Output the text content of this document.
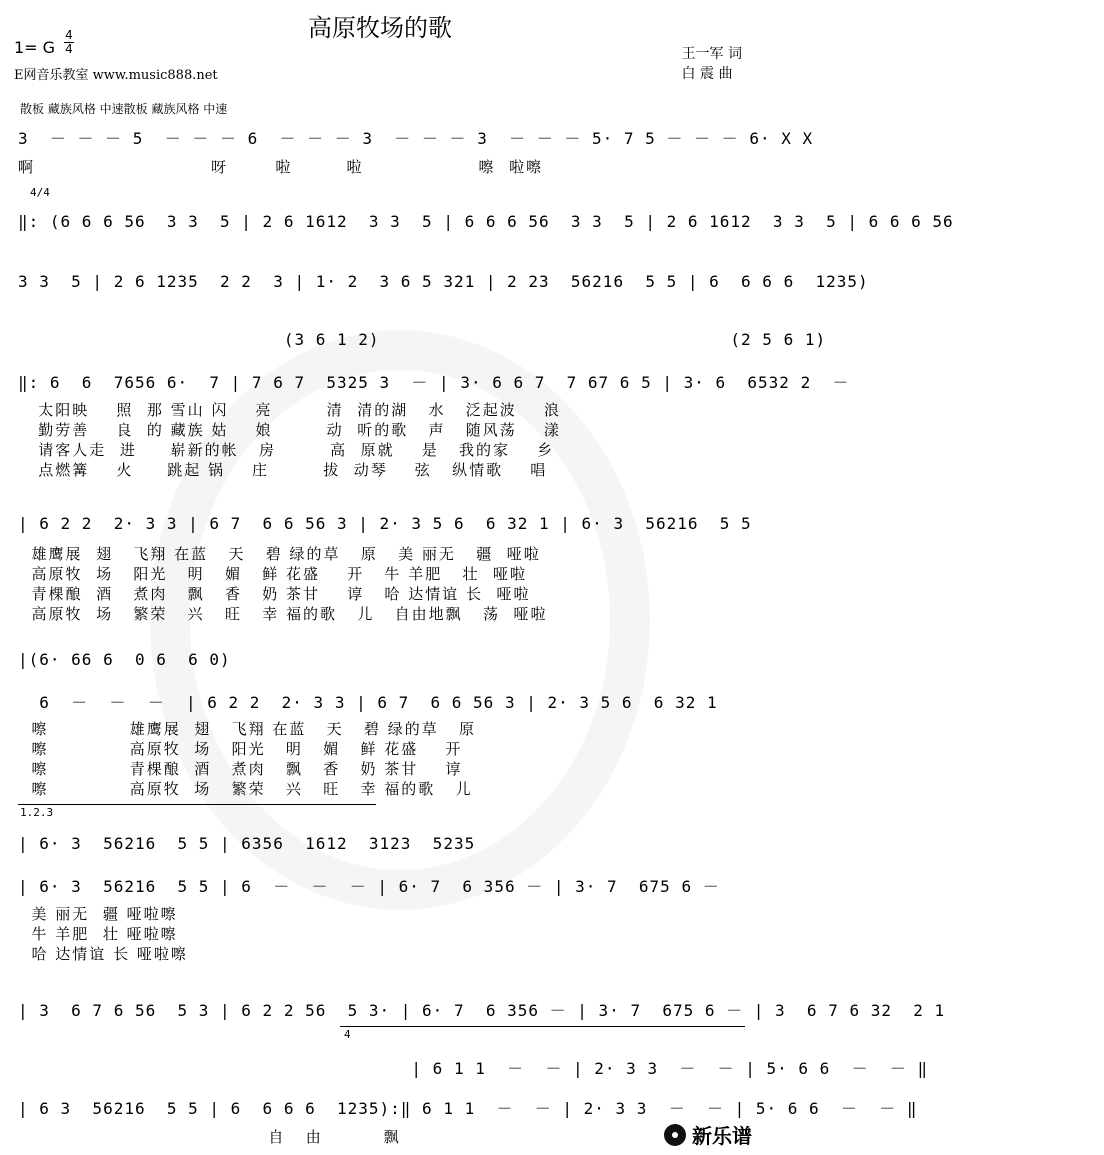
高原牧场的歌
1= G
4
4
E网音乐教室 www.music888.net
王一军 词
白 震 曲
散板 藏族风格 中速散板 藏族风格 中速
3  － － － 5  － － － 6  － － － 3  － － － 3  － － － 5· 7 5 － － － 6· X X
啊                          呀       啦        啦                 嚓  啦嚓
4/4
‖: (6 6 6 56  3 3  5 | 2 6 1612  3 3  5 | 6 6 6 56  3 3  5 | 2 6 1612  3 3  5 | 6 6 6 56
3 3  5 | 2 6 1235  2 2  3 | 1· 2  3 6 5 321 | 2 23  56216  5 5 | 6  6 6 6  1235)
(3 6 1 2)                                 (2 5 6 1)
‖: 6  6  7656 6·  7 | 7 6 7  5325 3  － | 3· 6 6 7  7 67 6 5 | 3· 6  6532 2  －
太阳映    照  那 雪山 闪    亮        清  清的湖   水   泛起波    浪
勤劳善    良  的 藏族 姑    娘        动  听的歌   声   随风荡    漾
请客人走  进     崭新的帐   房        高  原就    是   我的家    乡
点燃篝    火     跳起 锅    庄        拔  动琴    弦   纵情歌    唱
| 6 2 2  2· 3 3 | 6 7  6 6 56 3 | 2· 3 5 6  6 32 1 | 6· 3  56216  5 5
雄鹰展  翅   飞翔 在蓝   天   碧 绿的草   原   美 丽无   疆  哑啦
高原牧  场   阳光   明   媚   鲜 花盛    开   牛 羊肥   壮  哑啦
青棵酿  酒   煮肉   飘   香   奶 茶甘    谆   哈 达情谊 长  哑啦
高原牧  场   繁荣   兴   旺   幸 福的歌   儿   自由地飘   荡  哑啦
|(6· 66 6  0 6  6 0)
6  －  －  －  | 6 2 2  2· 3 3 | 6 7  6 6 56 3 | 2· 3 5 6  6 32 1
嚓            雄鹰展  翅   飞翔 在蓝   天   碧 绿的草   原
嚓            高原牧  场   阳光   明   媚   鲜 花盛    开
嚓            青棵酿  酒   煮肉   飘   香   奶 茶甘    谆
嚓            高原牧  场   繁荣   兴   旺   幸 福的歌   儿
1.2.3
| 6· 3  56216  5 5 | 6356  1612  3123  5235
| 6· 3  56216  5 5 | 6  －  －  － | 6· 7  6 356 － | 3· 7  675 6 －
美 丽无  疆 哑啦嚓
牛 羊肥  壮 哑啦嚓
哈 达情谊 长 哑啦嚓
| 3  6 7 6 56  5 3 | 6 2 2 56  5 3· | 6· 7  6 356 － | 3· 7  675 6 － | 3  6 7 6 32  2 1
4
| 6 1 1  －  － | 2· 3 3  －  － | 5· 6 6  －  － ‖
| 6 3  56216  5 5 | 6  6 6 6  1235):‖ 6 1 1  －  － | 2· 3 3  －  － | 5· 6 6  －  － ‖
自   由         飘	新乐谱
